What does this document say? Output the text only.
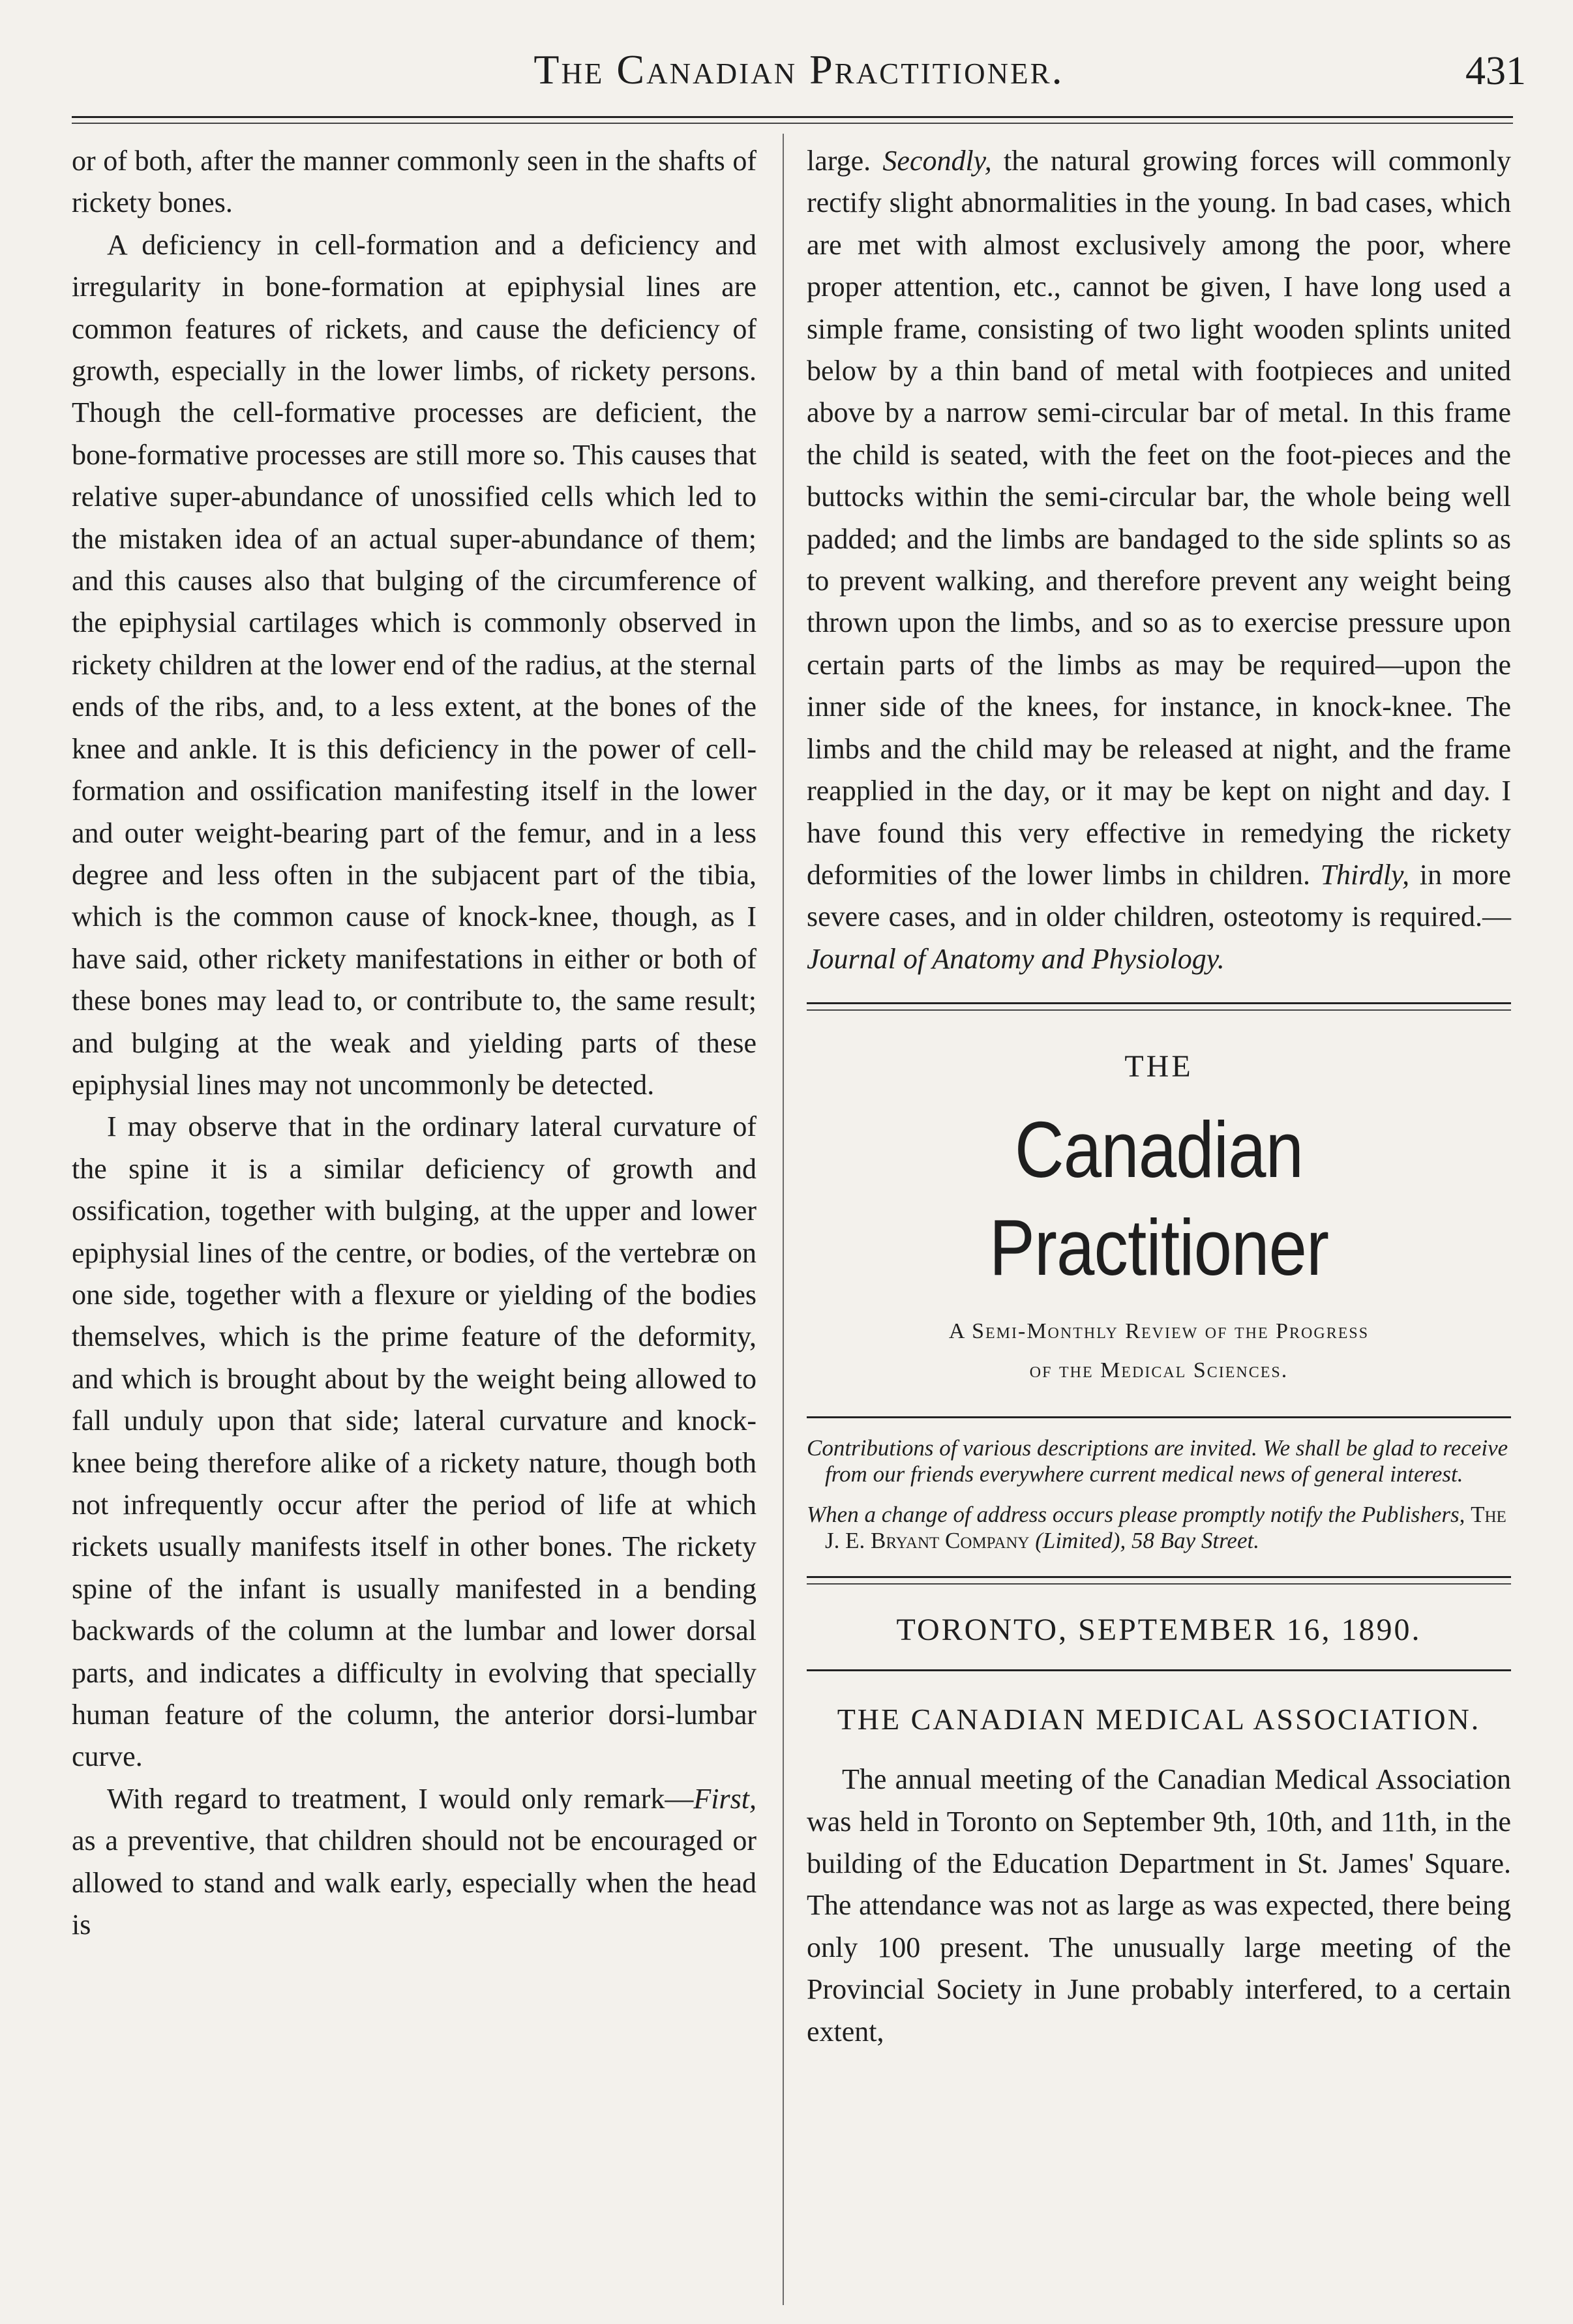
The Canadian Practitioner.	431

or of both, after the manner commonly seen in the shafts of rickety bones.

A deficiency in cell-formation and a deficiency and irregularity in bone-formation at epiphysial lines are common features of rickets, and cause the deficiency of growth, especially in the lower limbs, of rickety persons. Though the cell-formative processes are deficient, the bone-formative processes are still more so. This causes that relative super-abundance of unossified cells which led to the mistaken idea of an actual super-abundance of them; and this causes also that bulging of the circumference of the epiphysial cartilages which is commonly observed in rickety children at the lower end of the radius, at the sternal ends of the ribs, and, to a less extent, at the bones of the knee and ankle. It is this deficiency in the power of cell-formation and ossification manifesting itself in the lower and outer weight-bearing part of the femur, and in a less degree and less often in the subjacent part of the tibia, which is the common cause of knock-knee, though, as I have said, other rickety manifestations in either or both of these bones may lead to, or contribute to, the same result; and bulging at the weak and yielding parts of these epiphysial lines may not uncommonly be detected.

I may observe that in the ordinary lateral curvature of the spine it is a similar deficiency of growth and ossification, together with bulging, at the upper and lower epiphysial lines of the centre, or bodies, of the vertebræ on one side, together with a flexure or yielding of the bodies themselves, which is the prime feature of the deformity, and which is brought about by the weight being allowed to fall unduly upon that side; lateral curvature and knock-knee being therefore alike of a rickety nature, though both not infrequently occur after the period of life at which rickets usually manifests itself in other bones. The rickety spine of the infant is usually manifested in a bending backwards of the column at the lumbar and lower dorsal parts, and indicates a difficulty in evolving that specially human feature of the column, the anterior dorsi-lumbar curve.

With regard to treatment, I would only remark—First, as a preventive, that children should not be encouraged or allowed to stand and walk early, especially when the head is

large. Secondly, the natural growing forces will commonly rectify slight abnormalities in the young. In bad cases, which are met with almost exclusively among the poor, where proper attention, etc., cannot be given, I have long used a simple frame, consisting of two light wooden splints united below by a thin band of metal with footpieces and united above by a narrow semi-circular bar of metal. In this frame the child is seated, with the feet on the foot-pieces and the buttocks within the semi-circular bar, the whole being well padded; and the limbs are bandaged to the side splints so as to prevent walking, and therefore prevent any weight being thrown upon the limbs, and so as to exercise pressure upon certain parts of the limbs as may be required—upon the inner side of the knees, for instance, in knock-knee. The limbs and the child may be released at night, and the frame reapplied in the day, or it may be kept on night and day. I have found this very effective in remedying the rickety deformities of the lower limbs in children. Thirdly, in more severe cases, and in older children, osteotomy is required.—Journal of Anatomy and Physiology.

THE
Canadian Practitioner
A Semi-Monthly Review of the Progress
of the Medical Sciences.

Contributions of various descriptions are invited. We shall be glad to receive from our friends everywhere current medical news of general interest.

When a change of address occurs please promptly notify the Publishers, The J. E. Bryant Company (Limited), 58 Bay Street.

TORONTO, SEPTEMBER 16, 1890.
THE CANADIAN MEDICAL ASSOCIATION.

The annual meeting of the Canadian Medical Association was held in Toronto on September 9th, 10th, and 11th, in the building of the Education Department in St. James' Square. The attendance was not as large as was expected, there being only 100 present. The unusually large meeting of the Provincial Society in June probably interfered, to a certain extent,
